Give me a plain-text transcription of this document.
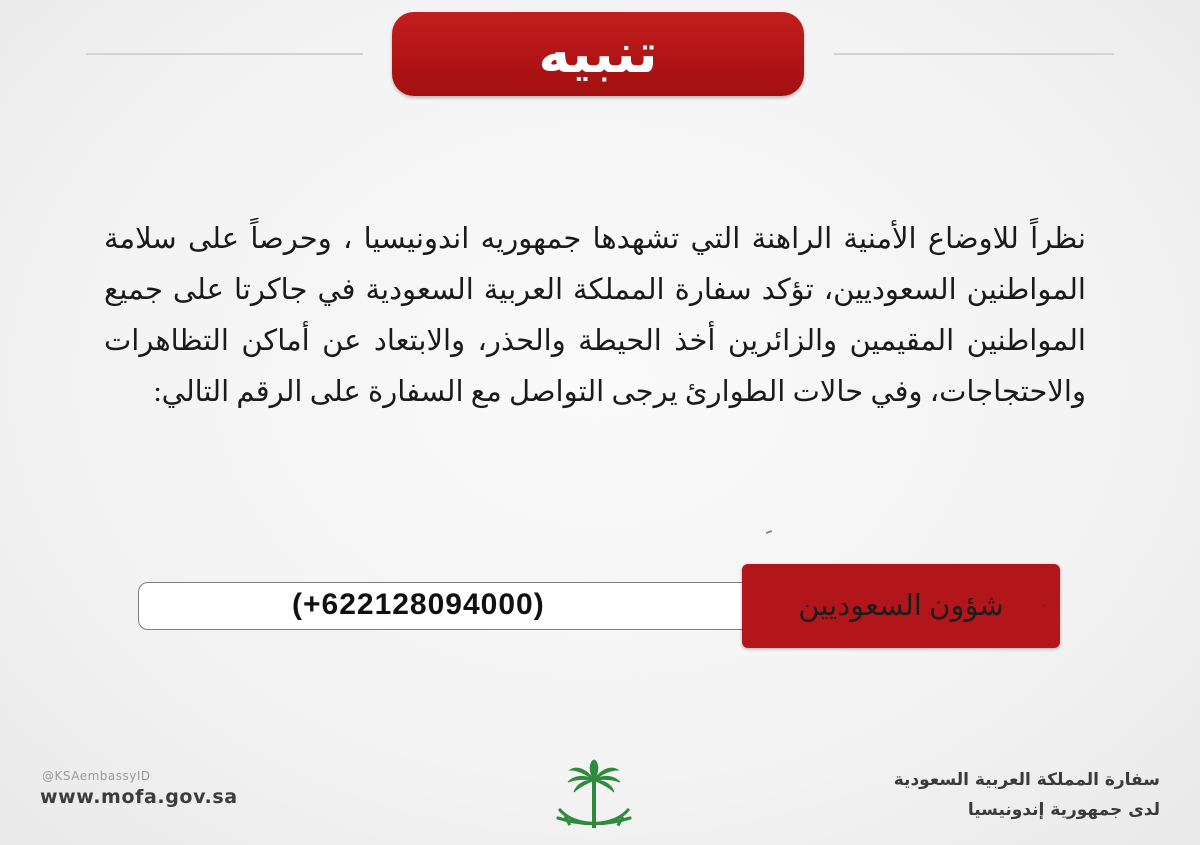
تنبيه

نظراً للاوضاع الأمنية الراهنة التي تشهدها جمهوريه اندونيسيا ، وحرصاً على سلامة المواطنين السعوديين، تؤكد سفارة المملكة العربية السعودية في جاكرتا على جميع المواطنين المقيمين والزائرين أخذ الحيطة والحذر، والابتعاد عن أماكن التظاهرات والاحتجاجات، وفي حالات الطوارئ يرجى التواصل مع السفارة على الرقم التالي:

(+622128094000)	شؤون السعوديين
@KSAembassyID
www.mofa.gov.sa
سفارة المملكة العربية السعودية
لدى جمهورية إندونيسيا
